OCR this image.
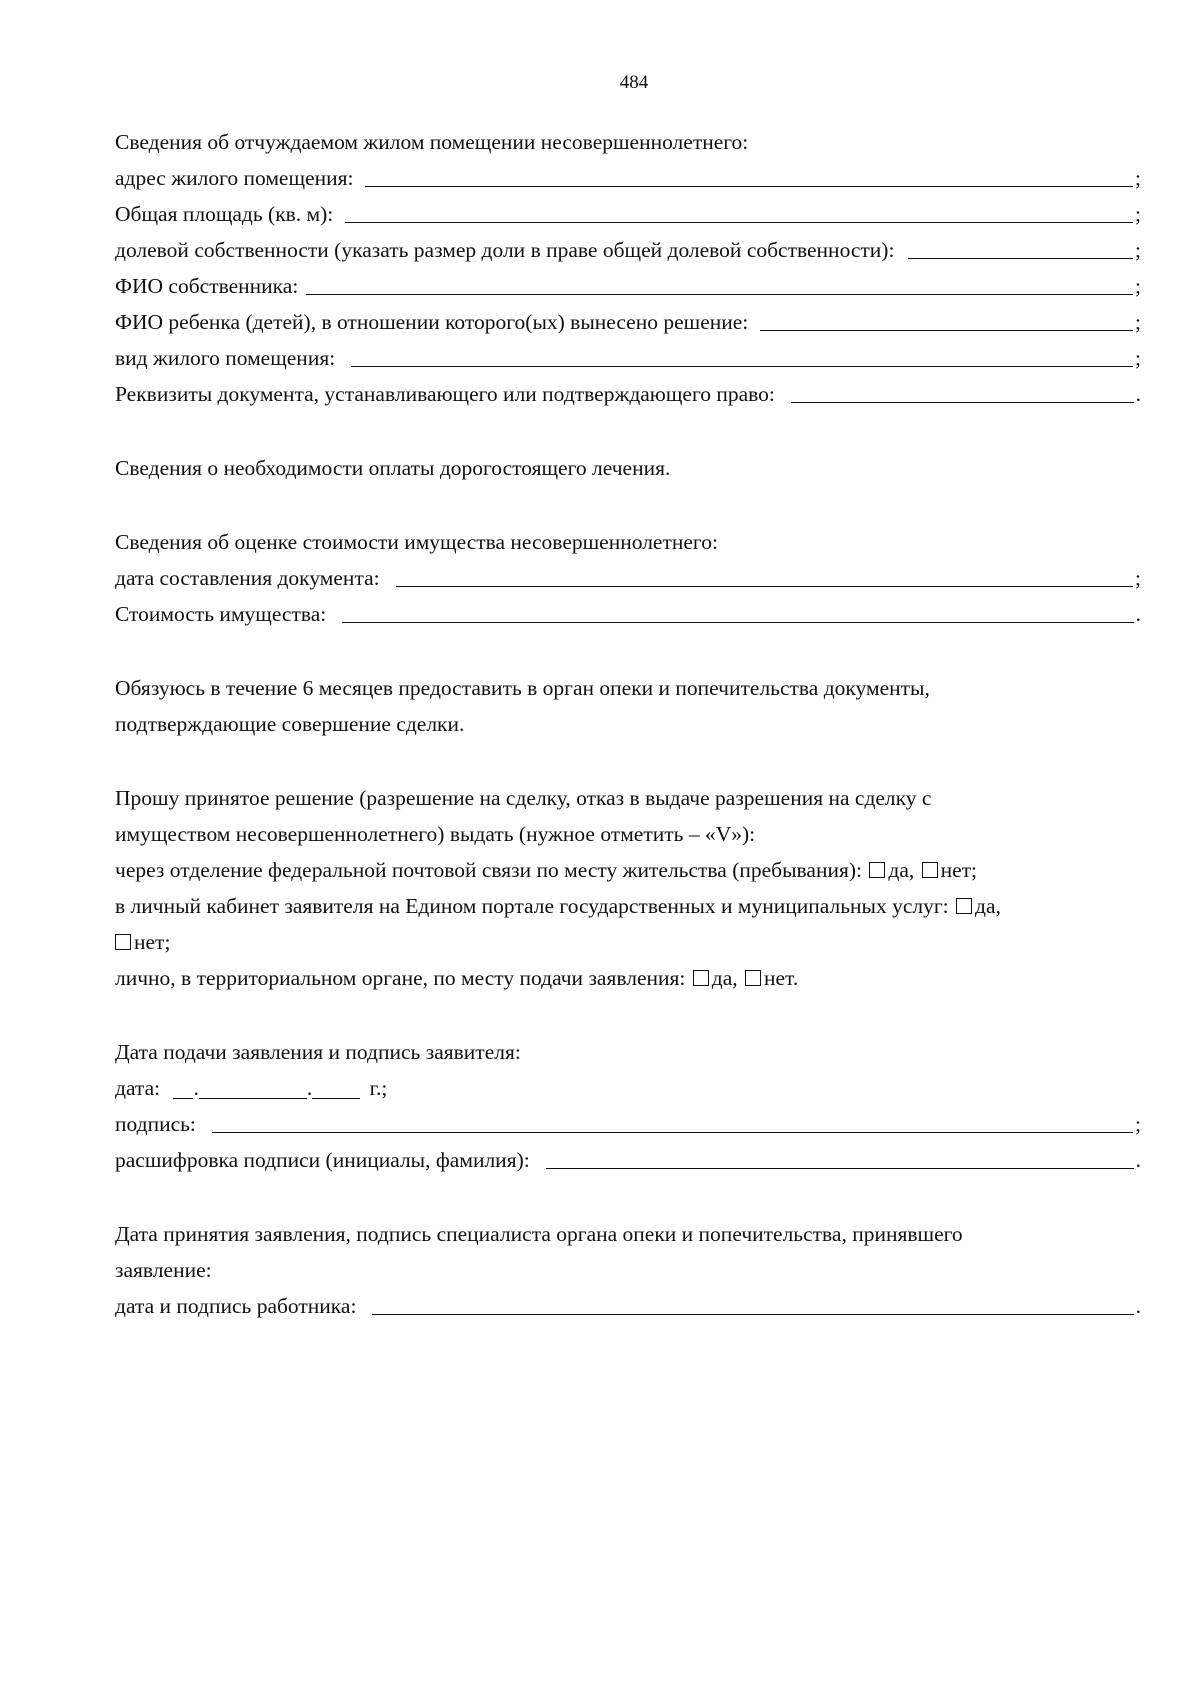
484
Сведения об отчуждаемом жилом помещении несовершеннолетнего:
адрес жилого помещения:	;
Общая площадь (кв. м):	;
долевой собственности (указать размер доли в праве общей долевой собственности):	;
ФИО собственника:	;
ФИО ребенка (детей), в отношении которого(ых) вынесено решение:	;
вид жилого помещения:	;
Реквизиты документа, устанавливающего или подтверждающего право:	.
Сведения о необходимости оплаты дорогостоящего лечения.
Сведения об оценке стоимости имущества несовершеннолетнего:
дата составления документа:	;
Стоимость имущества:	.
Обязуюсь в течение 6 месяцев предоставить в орган опеки и попечительства документы,
подтверждающие совершение сделки.
Прошу принятое решение (разрешение на сделку, отказ в выдаче разрешения на сделку с
имуществом несовершеннолетнего) выдать (нужное отметить – «V»):
через отделение федеральной почтовой связи по месту жительства (пребывания): да, нет;
в личный кабинет заявителя на Едином портале государственных и муниципальных услуг: да,
нет;
лично, в территориальном органе, по месту подачи заявления: да, нет.
Дата подачи заявления и подпись заявителя:
дата: .	.	г.;
подпись:	;
расшифровка подписи (инициалы, фамилия):	.
Дата принятия заявления, подпись специалиста органа опеки и попечительства, принявшего
заявление:
дата и подпись работника:	.
